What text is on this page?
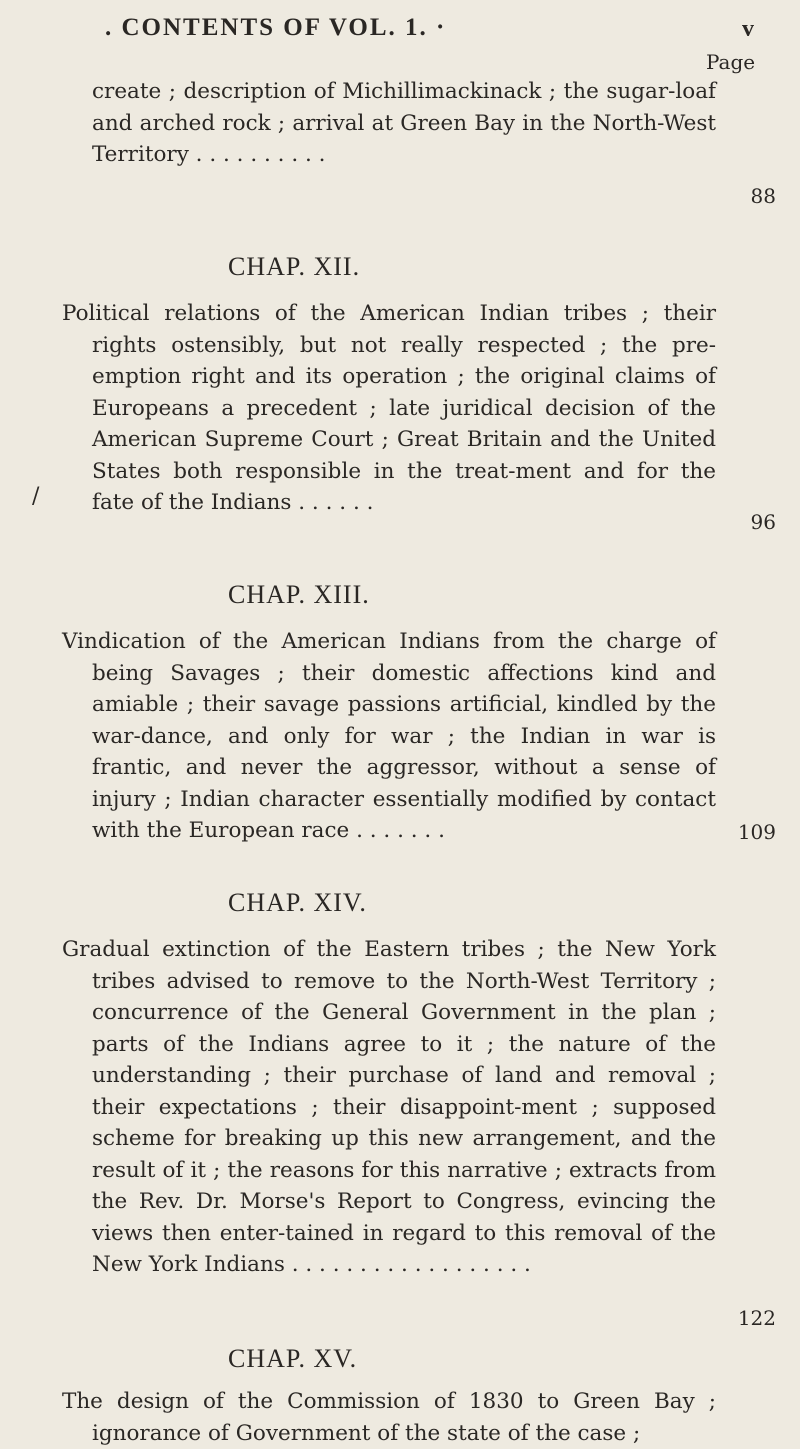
. CONTENTS OF VOL. 1. ·	v
Page
create ; description of Michillimackinack ; the sugar-loaf and arched rock ; arrival at Green Bay in the North-West Territory . . . . . . . . . .
88
CHAP. XII.
Political relations of the American Indian tribes ; their rights ostensibly, but not really respected ; the pre-emption right and its operation ; the original claims of Europeans a precedent ; late juridical decision of the American Supreme Court ; Great Britain and the United States both responsible in the treat-ment and for the fate of the Indians . . . . . .
/
96
CHAP. XIII.
Vindication of the American Indians from the charge of being Savages ; their domestic affections kind and amiable ; their savage passions artificial, kindled by the war-dance, and only for war ; the Indian in war is frantic, and never the aggressor, without a sense of injury ; Indian character essentially modified by contact with the European race . . . . . . .	109
CHAP. XIV.
Gradual extinction of the Eastern tribes ; the New York tribes advised to remove to the North-West Territory ; concurrence of the General Government in the plan ; parts of the Indians agree to it ; the nature of the understanding ; their purchase of land and removal ; their expectations ; their disappoint-ment ; supposed scheme for breaking up this new arrangement, and the result of it ; the reasons for this narrative ; extracts from the Rev. Dr. Morse's Report to Congress, evincing the views then enter-tained in regard to this removal of the New York Indians . . . . . . . . . . . . . . . . . .
122
CHAP. XV.
The design of the Commission of 1830 to Green Bay ; ignorance of Government of the state of the case ;
